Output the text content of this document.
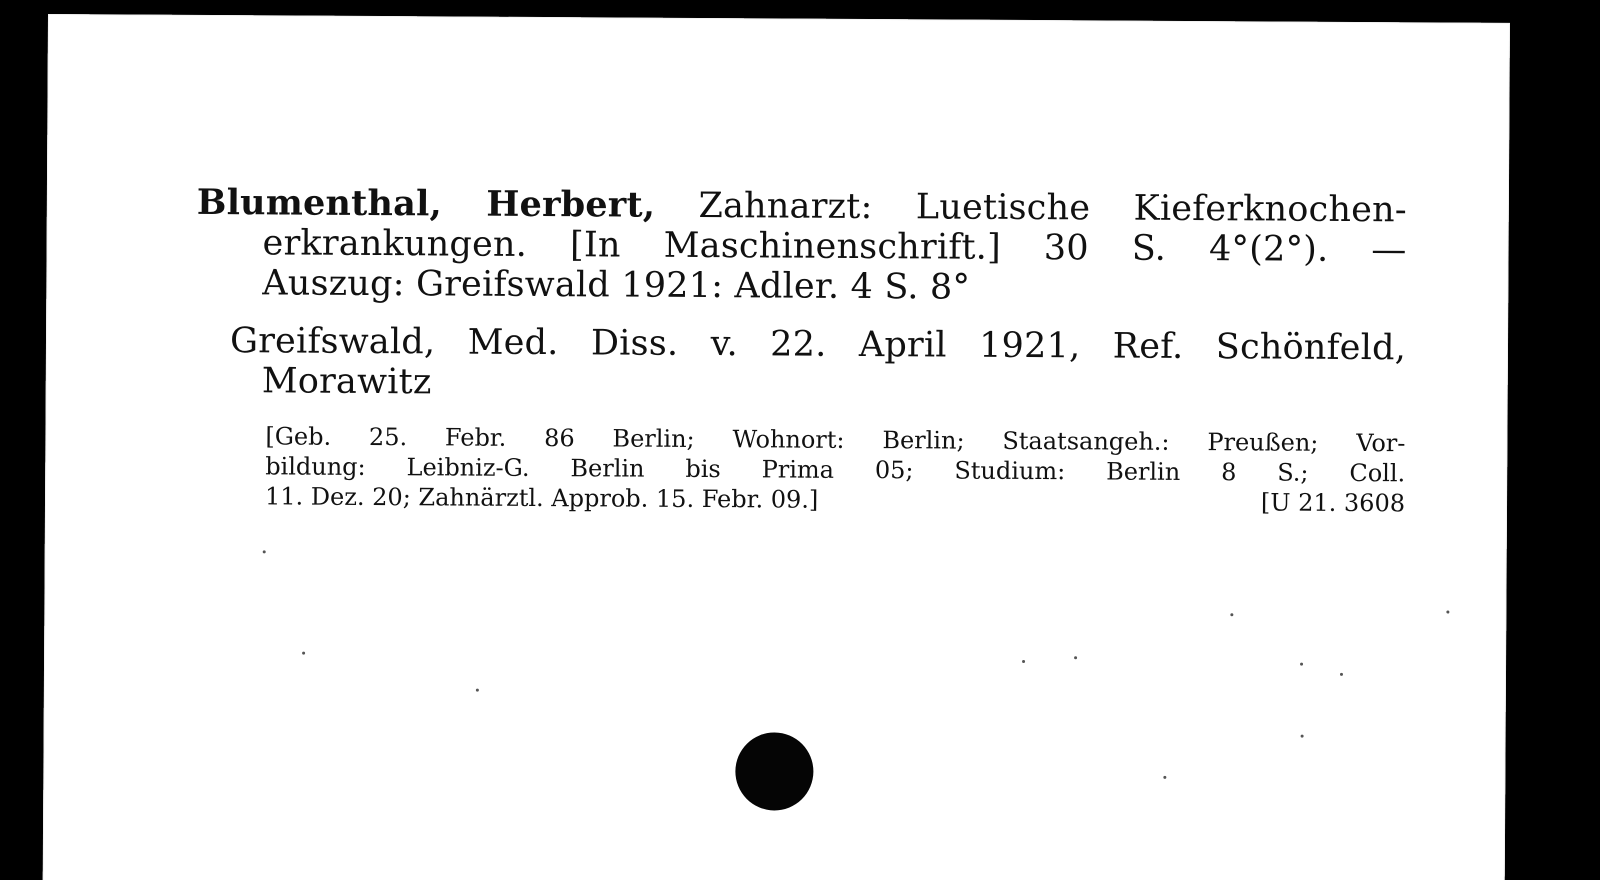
Blumenthal, Herbert, Zahnarzt: Luetische Kieferknochen-
erkrankungen. [In Maschinenschrift.] 30 S. 4°(2°). —
Auszug: Greifswald 1921: Adler. 4 S. 8°
Greifswald, Med. Diss. v. 22. April 1921, Ref. Schönfeld,
Morawitz
[Geb. 25. Febr. 86 Berlin; Wohnort: Berlin; Staatsangeh.: Preußen; Vor-
bildung: Leibniz-G. Berlin bis Prima 05; Studium: Berlin 8 S.; Coll.
11. Dez. 20; Zahnärztl. Approb. 15. Febr. 09.]	[U 21. 3608
